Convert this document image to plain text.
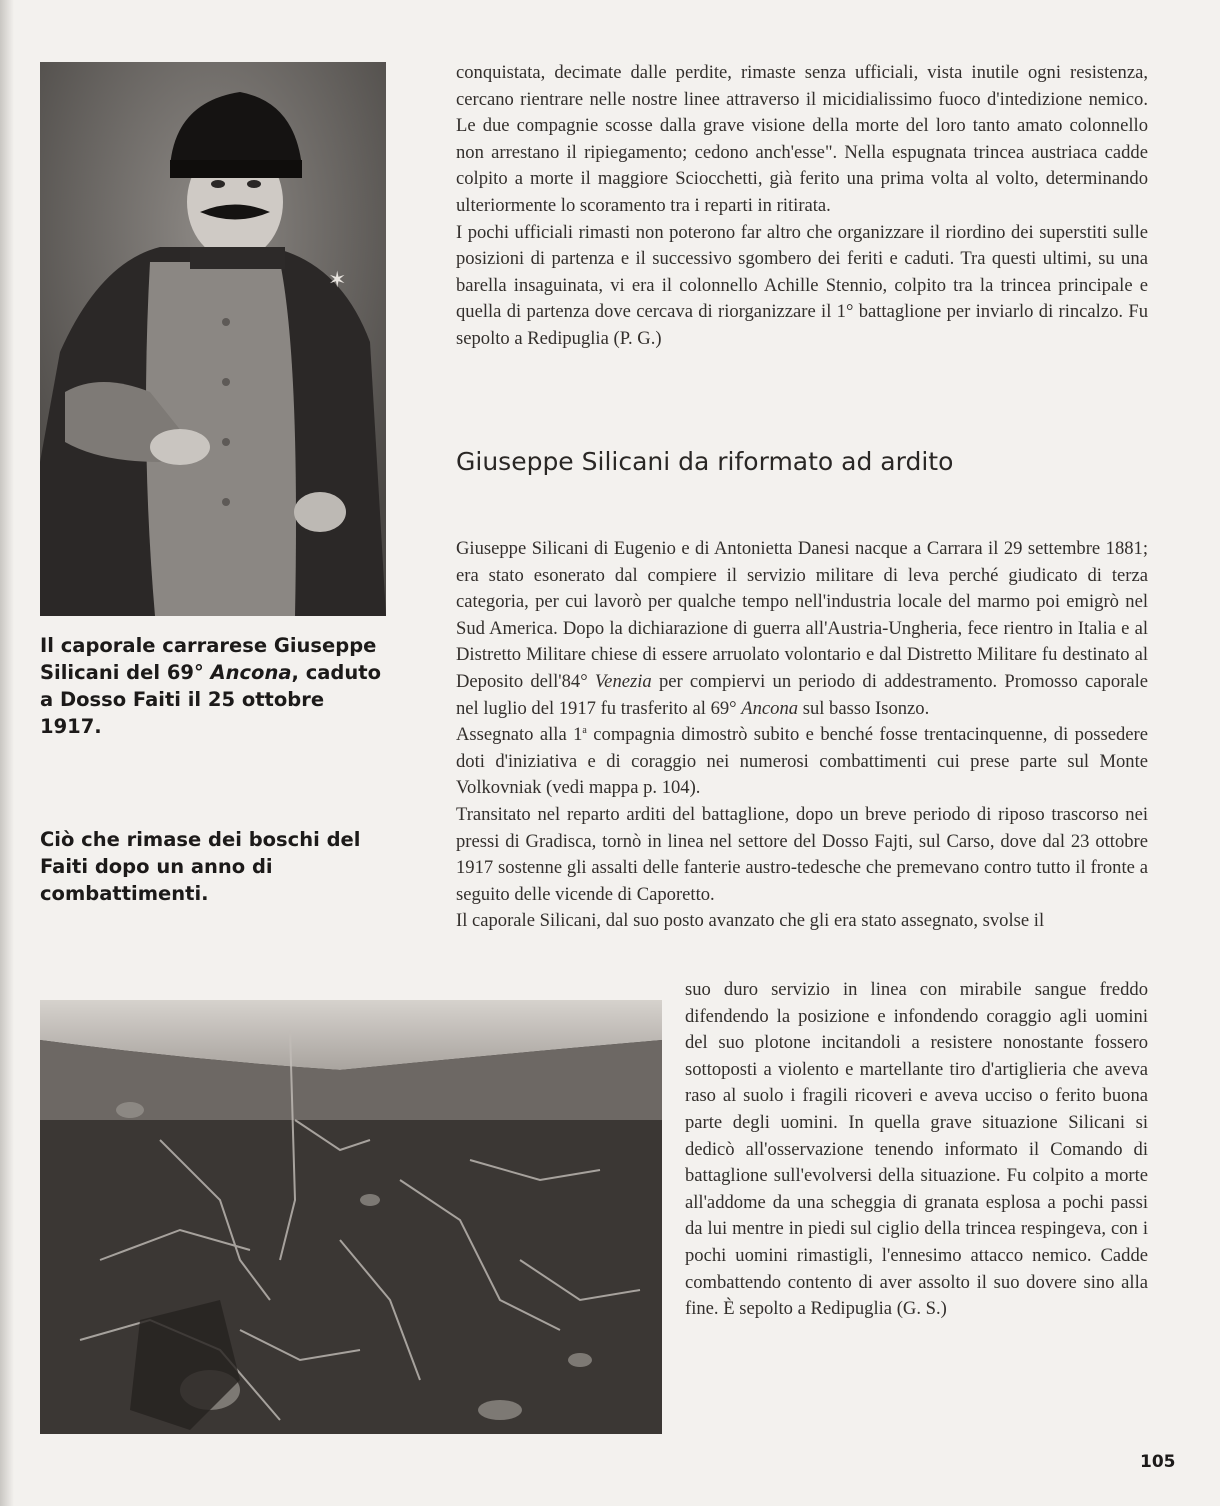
✶
Il caporale carrarese Giuseppe Silicani del 69° Ancona, caduto a Dosso Faiti il 25 ottobre 1917.
Ciò che rimase dei boschi del Faiti dopo un anno di combattimenti.

conquistata, decimate dalle perdite, rimaste senza ufficiali, vista inutile ogni resistenza, cercano rientrare nelle nostre linee attraverso il micidialissimo fuoco d'intedizione nemico. Le due compagnie scosse dalla grave visione della morte del loro tanto amato colonnello non arrestano il ripiegamento; cedono anch'esse". Nella espugnata trincea austriaca cadde colpito a morte il maggiore Sciocchetti, già ferito una prima volta al volto, determinando ulteriormente lo scoramento tra i reparti in ritirata.

I pochi ufficiali rimasti non poterono far altro che organizzare il riordino dei superstiti sulle posizioni di partenza e il successivo sgombero dei feriti e caduti. Tra questi ultimi, su una barella insaguinata, vi era il colonnello Achille Stennio, colpito tra la trincea principale e quella di partenza dove cercava di riorganizzare il 1° battaglione per inviarlo di rincalzo. Fu sepolto a Redipuglia (P. G.)

Giuseppe Silicani da riformato ad ardito

Giuseppe Silicani di Eugenio e di Antonietta Danesi nacque a Carrara il 29 settembre 1881; era stato esonerato dal compiere il servizio militare di leva perché giudicato di terza categoria, per cui lavorò per qualche tempo nell'industria locale del marmo poi emigrò nel Sud America. Dopo la dichiarazione di guerra all'Austria-Ungheria, fece rientro in Italia e al Distretto Militare chiese di essere arruolato volontario e dal Distretto Militare fu destinato al Deposito dell'84° Venezia per compiervi un periodo di addestramento. Promosso caporale nel luglio del 1917 fu trasferito al 69° Ancona sul basso Isonzo.

Assegnato alla 1$^a$ compagnia dimostrò subito e benché fosse trentacinquenne, di possedere doti d'iniziativa e di coraggio nei numerosi combattimenti cui prese parte sul Monte Volkovniak (vedi mappa p. 104).

Transitato nel reparto arditi del battaglione, dopo un breve periodo di riposo trascorso nei pressi di Gradisca, tornò in linea nel settore del Dosso Fajti, sul Carso, dove dal 23 ottobre 1917 sostenne gli assalti delle fanterie austro-tedesche che premevano contro tutto il fronte a seguito delle vicende di Caporetto.

Il caporale Silicani, dal suo posto avanzato che gli era stato assegnato, svolse il

suo duro servizio in linea con mirabile sangue freddo difendendo la posizione e infondendo coraggio agli uomini del suo plotone incitandoli a resistere nonostante fossero sottoposti a violento e martellante tiro d'artiglieria che aveva raso al suolo i fragili ricoveri e aveva ucciso o ferito buona parte degli uomini. In quella grave situazione Silicani si dedicò all'osservazione tenendo informato il Comando di battaglione sull'evolversi della situazione. Fu colpito a morte all'addome da una scheggia di granata esplosa a pochi passi da lui mentre in piedi sul ciglio della trincea respingeva, con i pochi uomini rimastigli, l'ennesimo attacco nemico. Cadde combattendo contento di aver assolto il suo dovere sino alla fine. È sepolto a Redipuglia (G. S.)
105
